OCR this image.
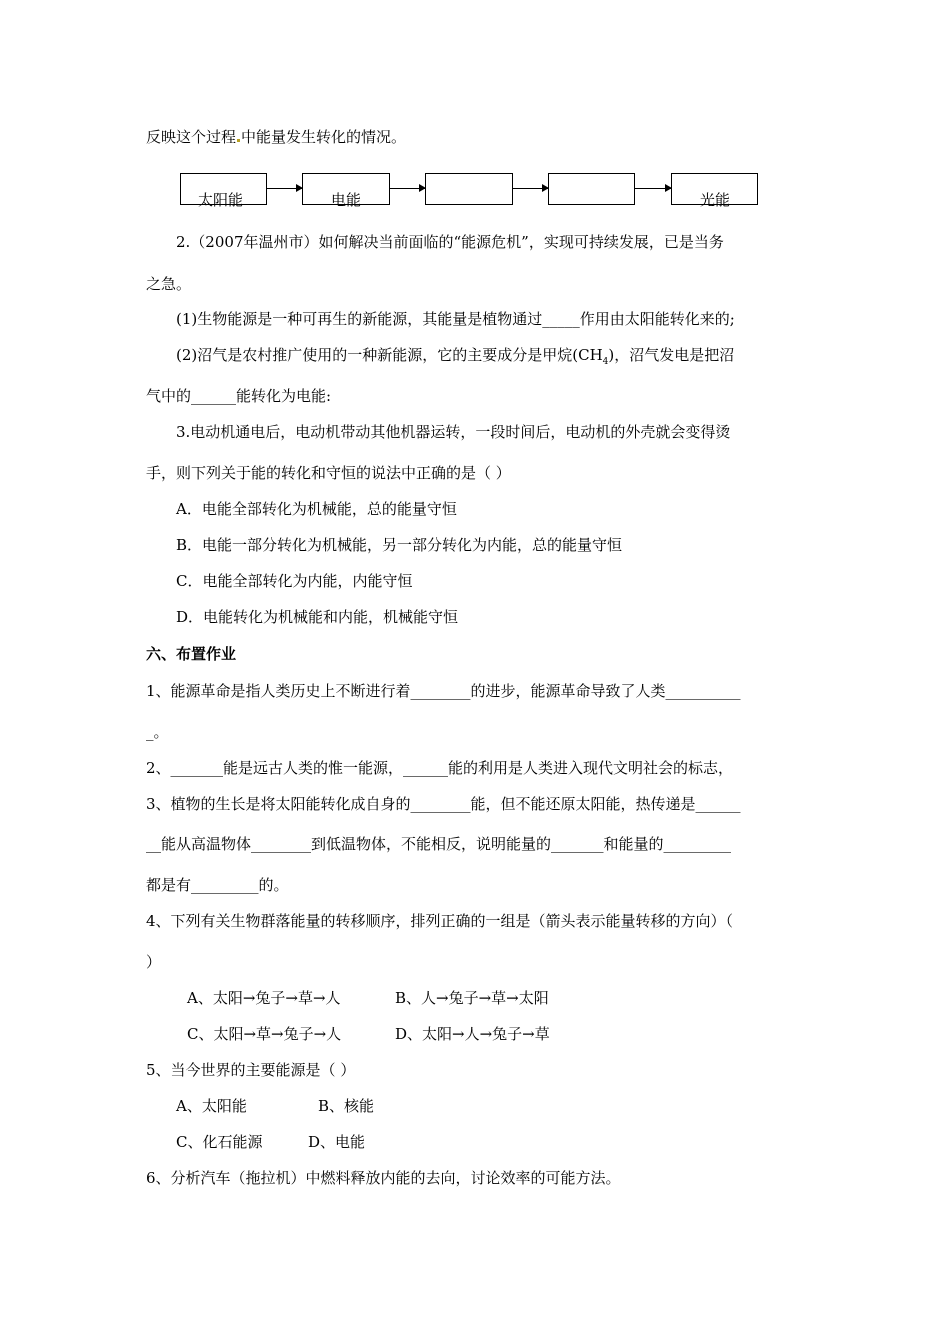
反映这个过程 中能量发生转化的情况。
太阳能	电能	光能
2.（2007年温州市）如何解决当前面临的“能源危机”，实现可持续发展，已是当务
之急。
(1)生物能源是一种可再生的新能源，其能量是植物通过_____作用由太阳能转化来的;
(2)沼气是农村推广使用的一种新能源，它的主要成分是甲烷$(CH_4)$，沼气发电是把沼
气中的______能转化为电能:
3.电动机通电后，电动机带动其他机器运转，一段时间后，电动机的外壳就会变得烫
手，则下列关于能的转化和守恒的说法中正确的是（ ）
A．电能全部转化为机械能，总的能量守恒
B．电能一部分转化为机械能，另一部分转化为内能，总的能量守恒
C．电能全部转化为内能，内能守恒
D．电能转化为机械能和内能，机械能守恒
六、布置作业
1、能源革命是指人类历史上不断进行着________的进步，能源革命导致了人类__________
_。
2、_______能是远古人类的惟一能源，______能的利用是人类进入现代文明社会的标志，
3、植物的生长是将太阳能转化成自身的________能，但不能还原太阳能，热传递是______
__能从高温物体________到低温物体，不能相反，说明能量的_______和能量的_________
都是有_________的。
4、下列有关生物群落能量的转移顺序，排列正确的一组是（箭头表示能量转移的方向）（
）
A、太阳→兔子→草→人	B、人→兔子→草→太阳
C、太阳→草→兔子→人	D、太阳→人→兔子→草
5、当今世界的主要能源是（ ）
A、太阳能	B、核能
C、化石能源	D、电能
6、分析汽车（拖拉机）中燃料释放内能的去向，讨论效率的可能方法。
